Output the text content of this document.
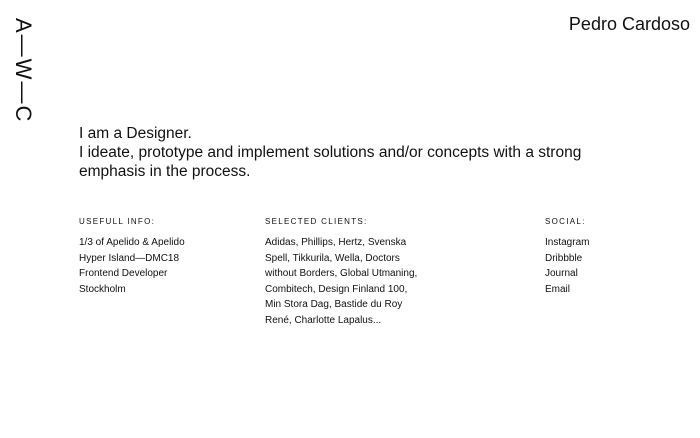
A—W—C	Pedro Cardoso

I am a Designer.

I ideate, prototype and implement solutions and/or concepts with a strong

emphasis in the process.

USEFULL INFO:
1/3 of Apelido & Apelido
Hyper Island—DMC18
Frontend Developer
Stockholm
SELECTED CLIENTS:
Adidas, Phillips, Hertz, Svenska
Spell, Tikkurila, Wella, Doctors
without Borders, Global Utmaning,
Combitech, Design Finland 100,
Min Stora Dag, Bastide du Roy
René, Charlotte Lapalus...
SOCIAL:
Instagram
Dribbble
Journal
Email
